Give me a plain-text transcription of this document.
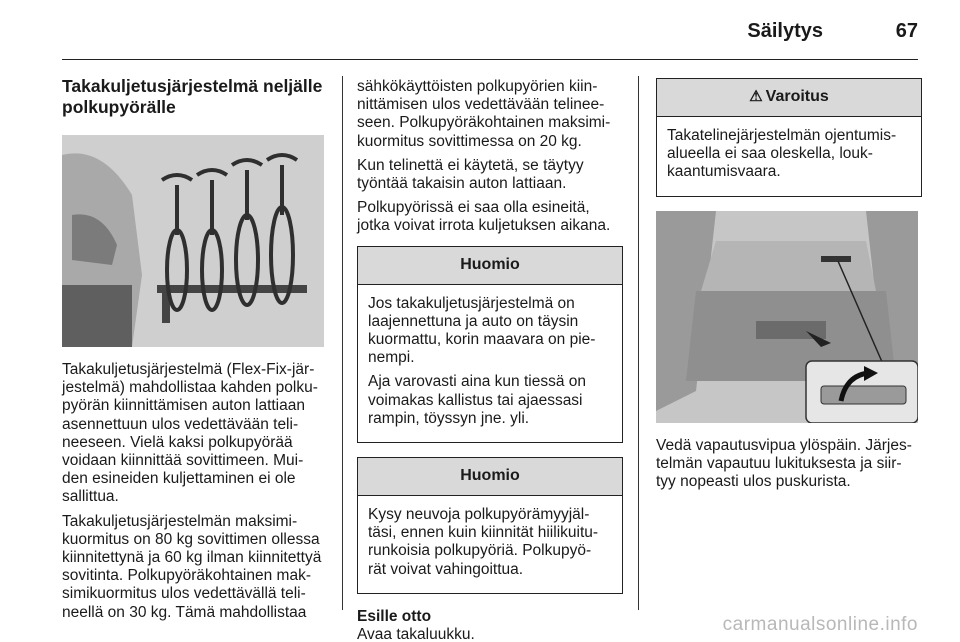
Säilytys	67
Takakuljetusjärjestelmä neljälle polkupyörälle

Takakuljetusjärjestelmä (Flex-Fix-jär- jestelmä) mahdollistaa kahden polku- pyörän kiinnittämisen auton lattiaan asennettuun ulos vedettävään teli- neeseen. Vielä kaksi polkupyörää voidaan kiinnittää sovittimeen. Mui- den esineiden kuljettaminen ei ole sallittua.

Takakuljetusjärjestelmän maksimi- kuormitus on 80 kg sovittimen ollessa kiinnitettynä ja 60 kg ilman kiinnitettyä sovitinta. Polkupyöräkohtainen mak- simikuormitus ulos vedettävällä teli- neellä on 30 kg. Tämä mahdollistaa

sähkökäyttöisten polkupyörien kiin- nittämisen ulos vedettävään telinee- seen. Polkupyöräkohtainen maksimi- kuormitus sovittimessa on 20 kg.

Kun telinettä ei käytetä, se täytyy työntää takaisin auton lattiaan.

Polkupyörissä ei saa olla esineitä, jotka voivat irrota kuljetuksen aikana.

Huomio

Jos takakuljetusjärjestelmä on laajennettuna ja auto on täysin kuormattu, korin maavara on pie- nempi.

Aja varovasti aina kun tiessä on voimakas kallistus tai ajaessasi rampin, töyssyn jne. yli.

Huomio

Kysy neuvoja polkupyörämyyjäl- täsi, ennen kuin kiinnität hiilikuitu- runkoisia polkupyöriä. Polkupyö- rät voivat vahingoittua.

Esille otto
Avaa takaluukku.
⚠ Varoitus

Takatelinejärjestelmän ojentumis- alueella ei saa oleskella, louk- kaantumisvaara.

Vedä vapautusvipua ylöspäin. Järjes- telmän vapautuu lukituksesta ja siir- tyy nopeasti ulos puskurista.

carmanualsonline.info
